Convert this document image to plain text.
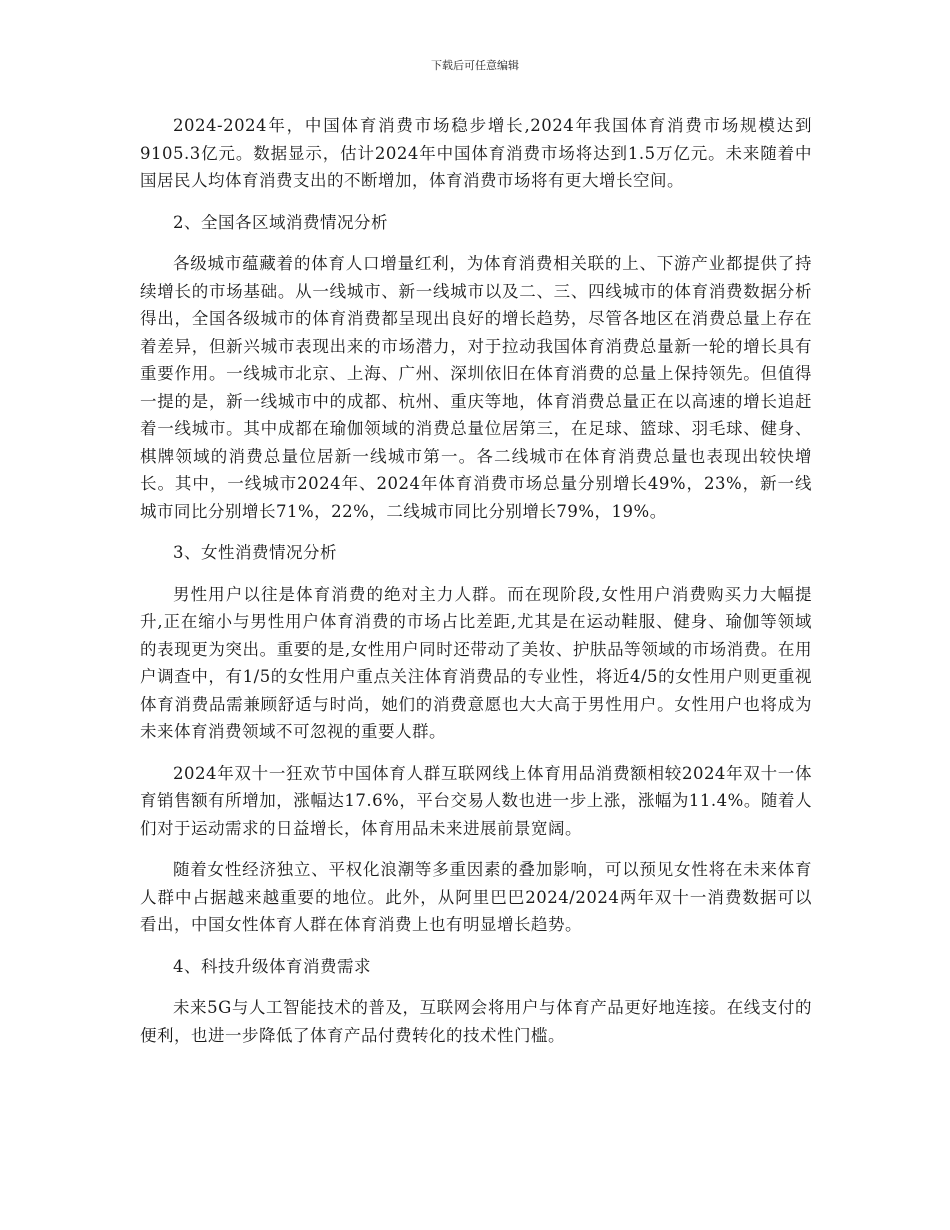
下载后可任意编辑

2024-2024年，中国体育消费市场稳步增长,2024年我国体育消费市场规模达到9105.3亿元。数据显示，估计2024年中国体育消费市场将达到1.5万亿元。未来随着中国居民人均体育消费支出的不断增加，体育消费市场将有更大增长空间。

2、全国各区域消费情况分析

各级城市蕴藏着的体育人口增量红利，为体育消费相关联的上、下游产业都提供了持续增长的市场基础。从一线城市、新一线城市以及二、三、四线城市的体育消费数据分析得出，全国各级城市的体育消费都呈现出良好的增长趋势，尽管各地区在消费总量上存在着差异，但新兴城市表现出来的市场潜力，对于拉动我国体育消费总量新一轮的增长具有重要作用。一线城市北京、上海、广州、深圳依旧在体育消费的总量上保持领先。但值得一提的是，新一线城市中的成都、杭州、重庆等地，体育消费总量正在以高速的增长追赶着一线城市。其中成都在瑜伽领域的消费总量位居第三，在足球、篮球、羽毛球、健身、棋牌领域的消费总量位居新一线城市第一。各二线城市在体育消费总量也表现出较快增长。其中，一线城市2024年、2024年体育消费市场总量分别增长49%，23%，新一线城市同比分别增长71%，22%，二线城市同比分别增长79%，19%。

3、女性消费情况分析

男性用户以往是体育消费的绝对主力人群。而在现阶段,女性用户消费购买力大幅提升,正在缩小与男性用户体育消费的市场占比差距,尤其是在运动鞋服、健身、瑜伽等领域的表现更为突出。重要的是,女性用户同时还带动了美妆、护肤品等领域的市场消费。在用户调查中，有1/5的女性用户重点关注体育消费品的专业性，将近4/5的女性用户则更重视体育消费品需兼顾舒适与时尚，她们的消费意愿也大大高于男性用户。女性用户也将成为未来体育消费领域不可忽视的重要人群。

2024年双十一狂欢节中国体育人群互联网线上体育用品消费额相较2024年双十一体育销售额有所增加，涨幅达17.6%，平台交易人数也进一步上涨，涨幅为11.4%。随着人们对于运动需求的日益增长，体育用品未来进展前景宽阔。

随着女性经济独立、平权化浪潮等多重因素的叠加影响，可以预见女性将在未来体育人群中占据越来越重要的地位。此外，从阿里巴巴2024/2024两年双十一消费数据可以看出，中国女性体育人群在体育消费上也有明显增长趋势。

4、科技升级体育消费需求

未来5G与人工智能技术的普及，互联网会将用户与体育产品更好地连接。在线支付的便利，也进一步降低了体育产品付费转化的技术性门槛。
